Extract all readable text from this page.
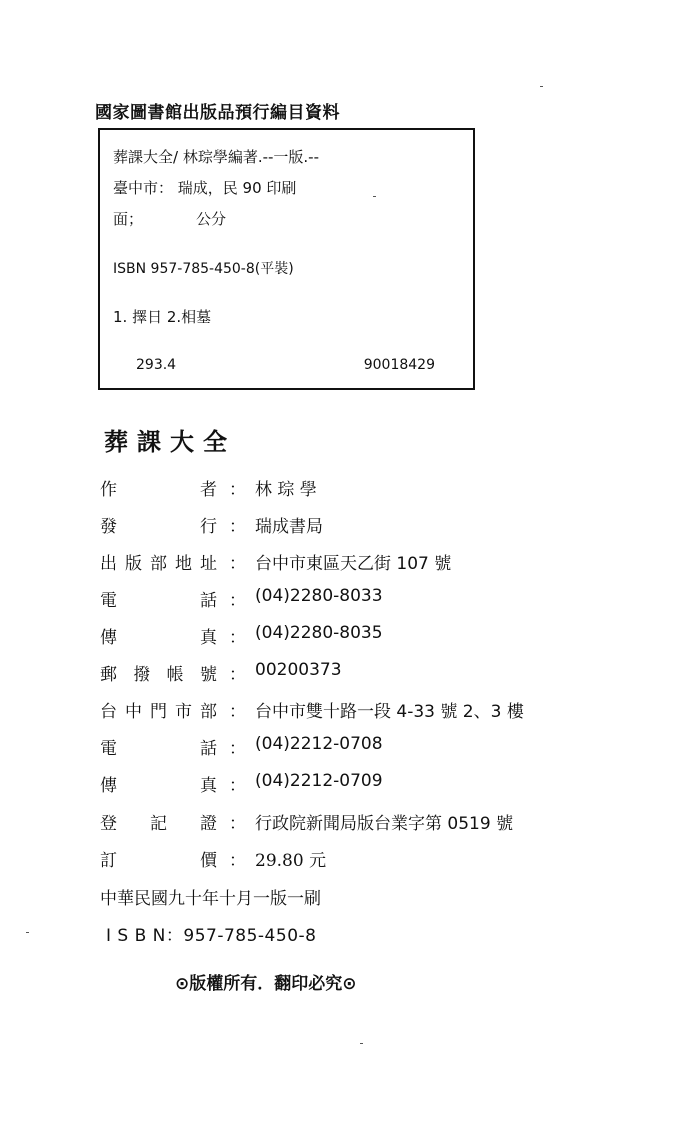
國家圖書館出版品預行編目資料
葬課大全/ 林琮學編著.--一版.--
臺中市： 瑞成，民 90 印刷
面；	公分
ISBN 957-785-450-8(平裝)
1. 擇日 2.相墓
293.4	90018429
葬課大全
作	者 ： 林 琮 學
發	行 ： 瑞成書局
出 版 部 地 址 ： 台中市東區天乙街 107 號
電	話 ： (04)2280-8033
傳	真 ： (04)2280-8035
郵 撥 帳 號 ： 00200373
台 中 門 市 部 ： 台中市雙十路一段 4-33 號 2、3 樓
電	話 ： (04)2212-0708
傳	真 ： (04)2212-0709
登 記 證 ： 行政院新聞局版台業字第 0519 號
訂	價 ： 29.80 元
中華民國九十年十月一版一刷
I S B N：957-785-450-8
⊙版權所有．翻印必究⊙
